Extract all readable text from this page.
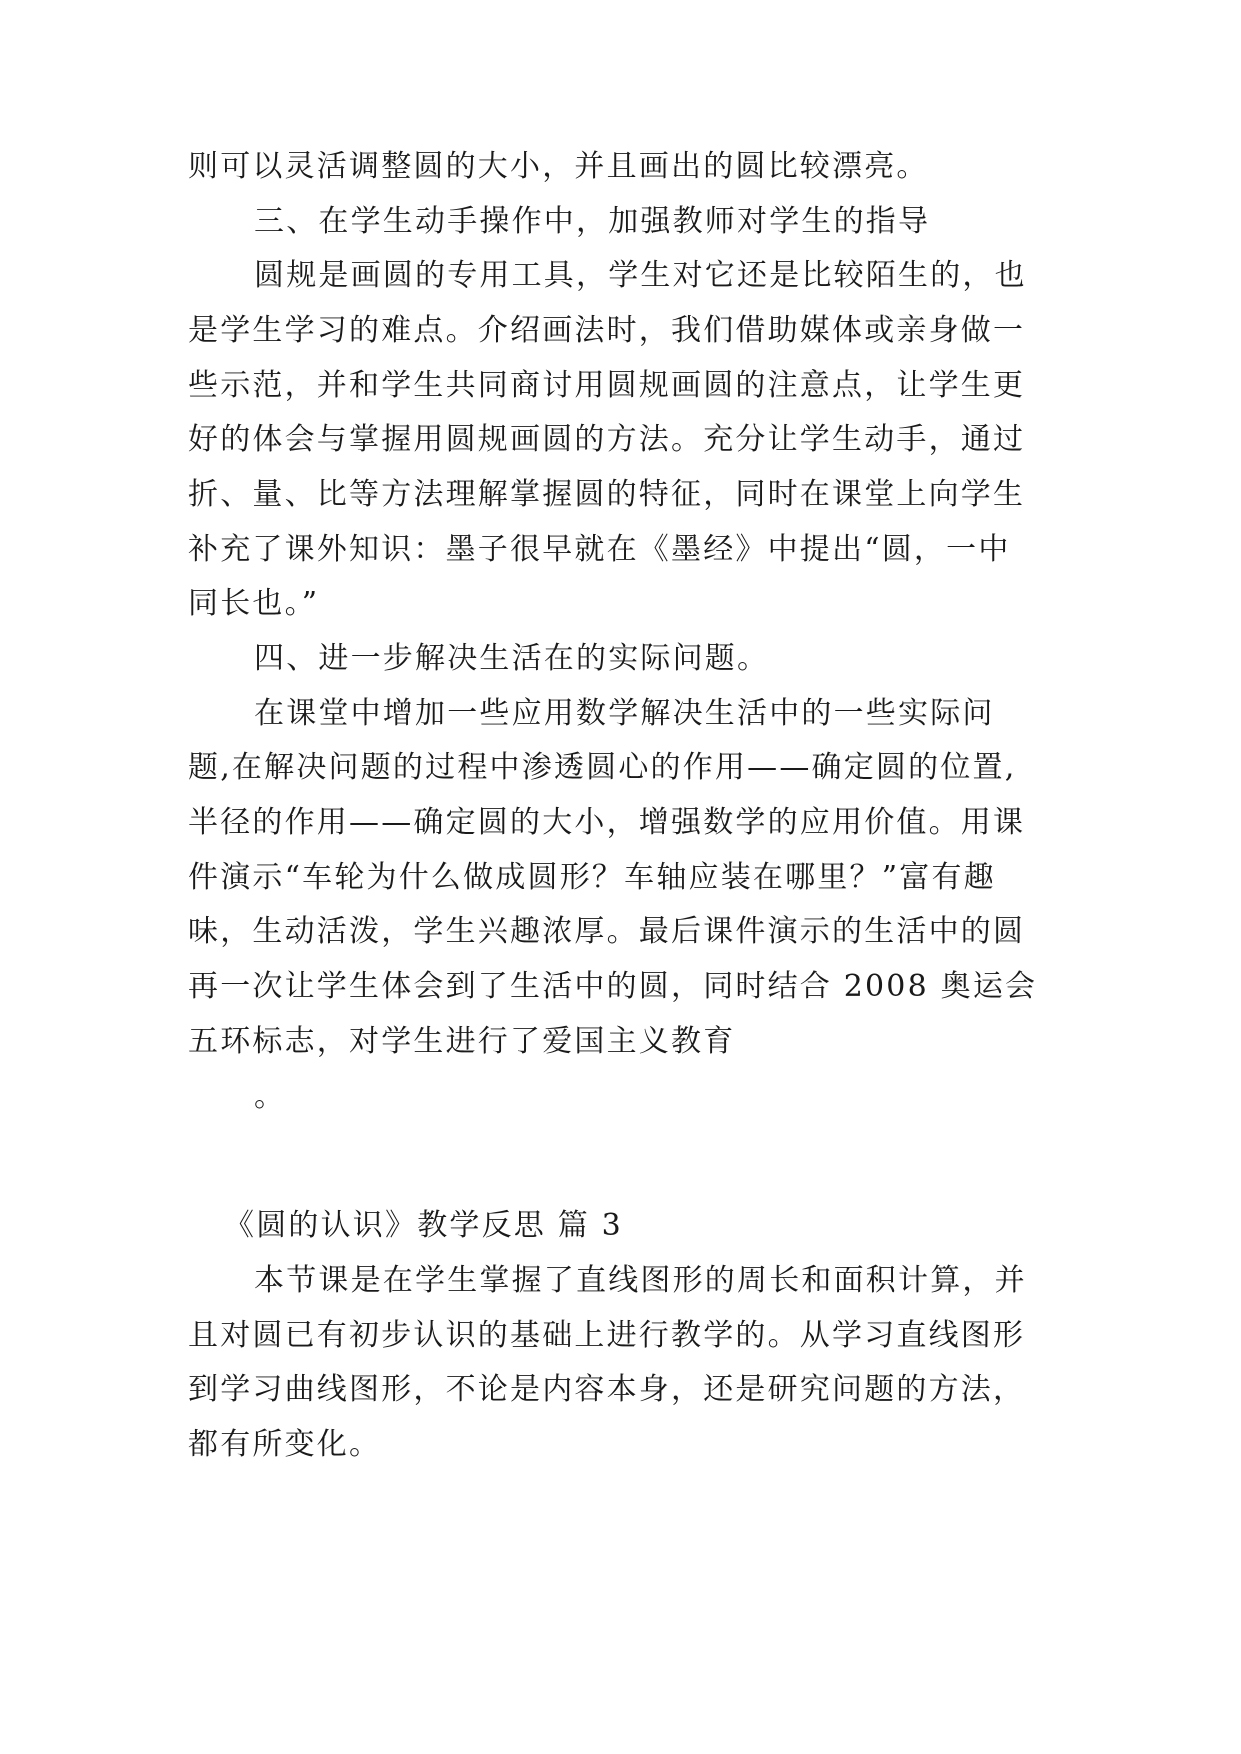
则可以灵活调整圆的大小，并且画出的圆比较漂亮。
三、在学生动手操作中，加强教师对学生的指导
圆规是画圆的专用工具，学生对它还是比较陌生的，也
是学生学习的难点。介绍画法时，我们借助媒体或亲身做一
些示范，并和学生共同商讨用圆规画圆的注意点，让学生更
好的体会与掌握用圆规画圆的方法。充分让学生动手，通过
折、量、比等方法理解掌握圆的特征，同时在课堂上向学生
补充了课外知识：墨子很早就在《墨经》中提出“圆，一中
同长也。”
四、进一步解决生活在的实际问题。
在课堂中增加一些应用数学解决生活中的一些实际问
题,在解决问题的过程中渗透圆心的作用——确定圆的位置,
半径的作用——确定圆的大小，增强数学的应用价值。用课
件演示“车轮为什么做成圆形？车轴应装在哪里？”富有趣
味，生动活泼，学生兴趣浓厚。最后课件演示的生活中的圆
再一次让学生体会到了生活中的圆，同时结合 2008 奥运会
五环标志，对学生进行了爱国主义教育
。
《圆的认识》教学反思 篇 3
本节课是在学生掌握了直线图形的周长和面积计算，并
且对圆已有初步认识的基础上进行教学的。从学习直线图形
到学习曲线图形，不论是内容本身，还是研究问题的方法，
都有所变化。
